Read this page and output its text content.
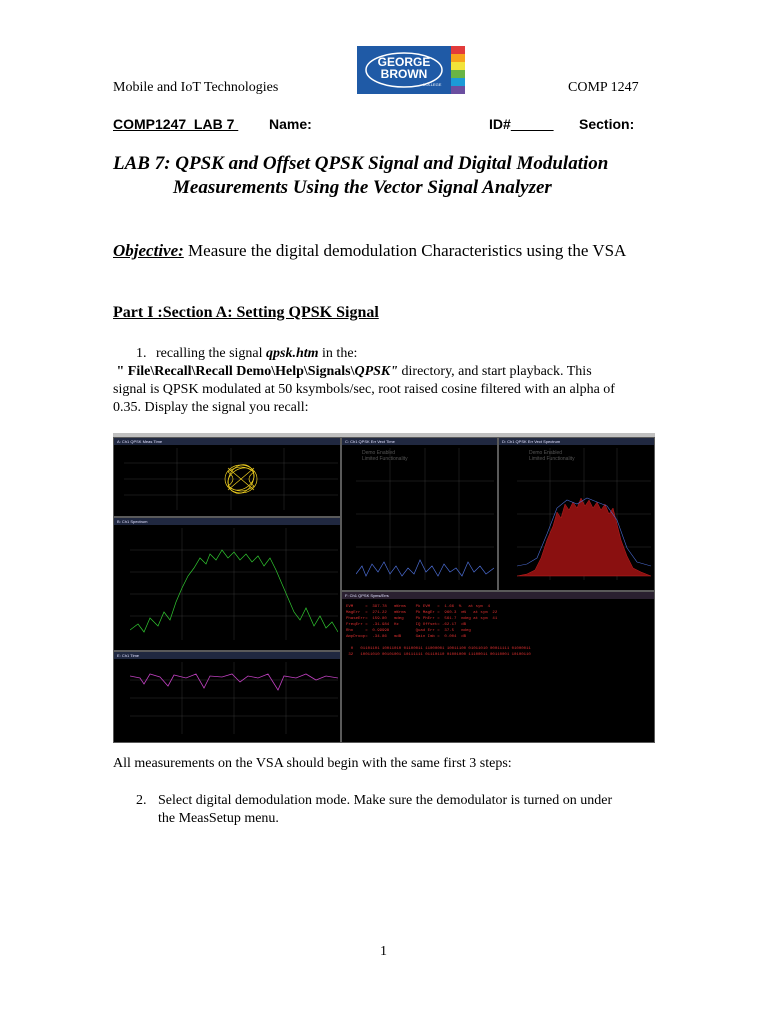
Mobile and IoT Technologies	COMP 1247
GEORGE
BROWN
COLLEGE
COMP1247  LAB 7 Name:	ID#	Section:
LAB 7: QPSK and Offset QPSK Signal and Digital Modulation
Measurements Using the Vector Signal Analyzer
Objective: Measure the digital demodulation Characteristics using the VSA
Part I :Section A: Setting QPSK Signal
1. recalling the signal qpsk.htm in the:
" File\Recall\Recall Demo\Help\Signals\QPSK" directory, and start playback. This
signal is QPSK modulated at 50 ksymbols/sec, root raised cosine filtered with an alpha of
0.35. Display the signal you recall:
A: Ch1 QPSK Meas Time
B: Ch1 Spectrum
E: Ch1 Time
C: Ch1 QPSK Err Vect Time
Demo Enabled
Limited Functionality
D: Ch1 QPSK Err Vect Spectrum
Demo Enabled
Limited Functionality
F: Ch1 QPSK Syms/Errs
EVM     =  397.78   m%rms    Pk EVM   =  1.66  %   at sym  4
MagErr  =  271.22   m%rms    Pk MagEr =  960.3  m%   at sym  22
PhaseErr=  159.80   mdeg     Pk PhErr =  561.7  mdeg at sym  41
FreqErr =  -31.984  Hz       IQ Offset= -62.17  dB
Rho     =  0.99998           Quad Err =  37.5   mdeg
AmpDroop=  -34.86   mdB      Gain Imb =  0.004  dB

0   01101101 10011010 01100011 11000001 10011100 01011010 00011111 01000011
32   10011010 00101001 10111111 01110110 01001000 11100011 00110001 10100110
All measurements on the VSA should begin with the same first 3 steps:
2. Select digital demodulation mode. Make sure the demodulator is turned on under
the MeasSetup menu.
1
